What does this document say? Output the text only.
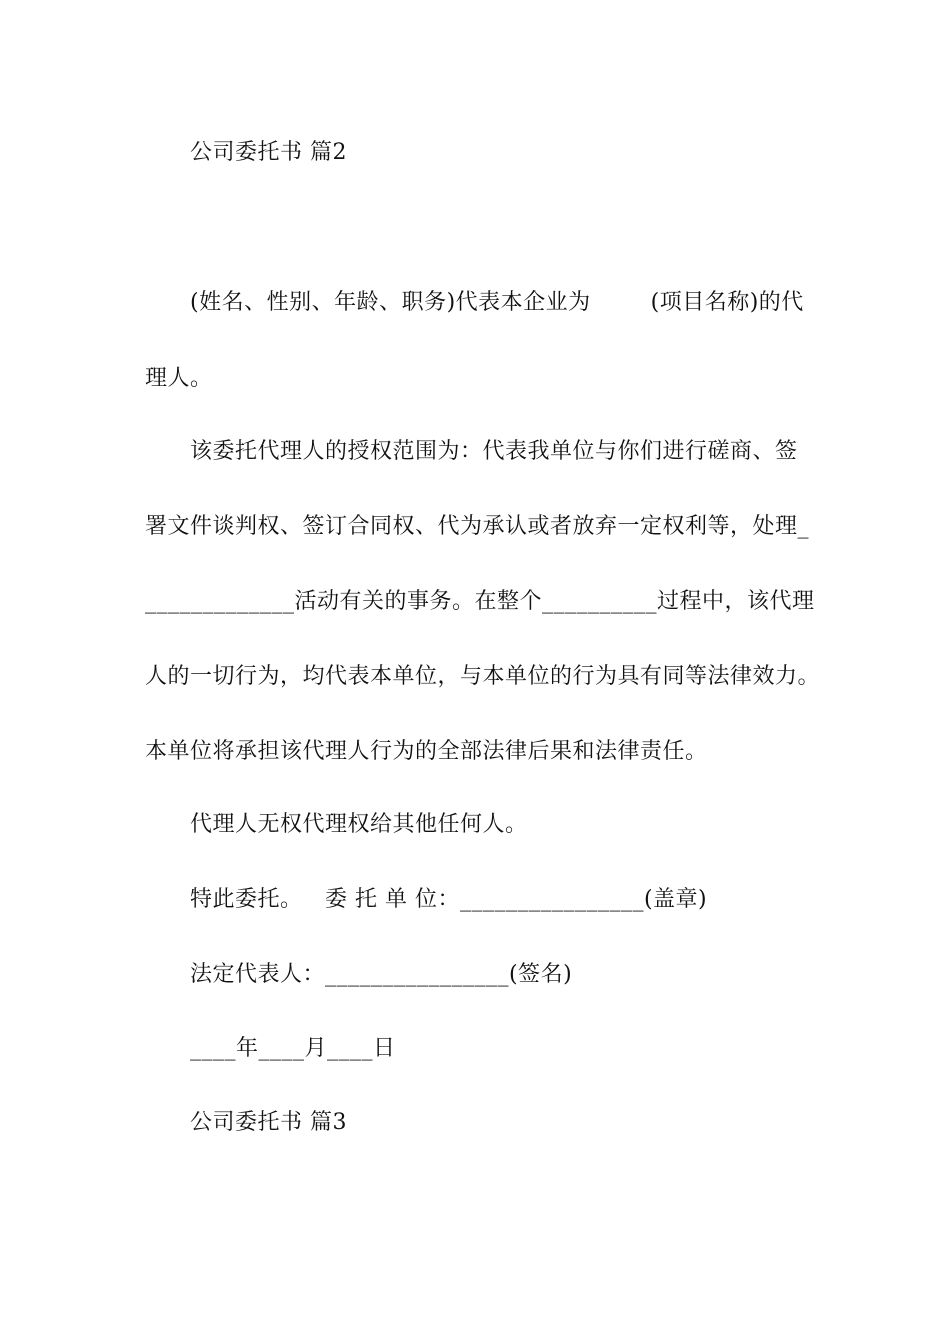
公司委托书 篇2
(姓名、性别、年龄、职务)代表本企业为        (项目名称)的代
理人。
该委托代理人的授权范围为：代表我单位与你们进行磋商、签
署文件谈判权、签订合同权、代为承认或者放弃一定权利等，处理_
_____________活动有关的事务。在整个__________过程中，该代理
人的一切行为，均代表本单位，与本单位的行为具有同等法律效力。
本单位将承担该代理人行为的全部法律后果和法律责任。
代理人无权代理权给其他任何人。
特此委托。   委 托 单 位：________________(盖章)
法定代表人：________________(签名)
____年____月____日
公司委托书 篇3
